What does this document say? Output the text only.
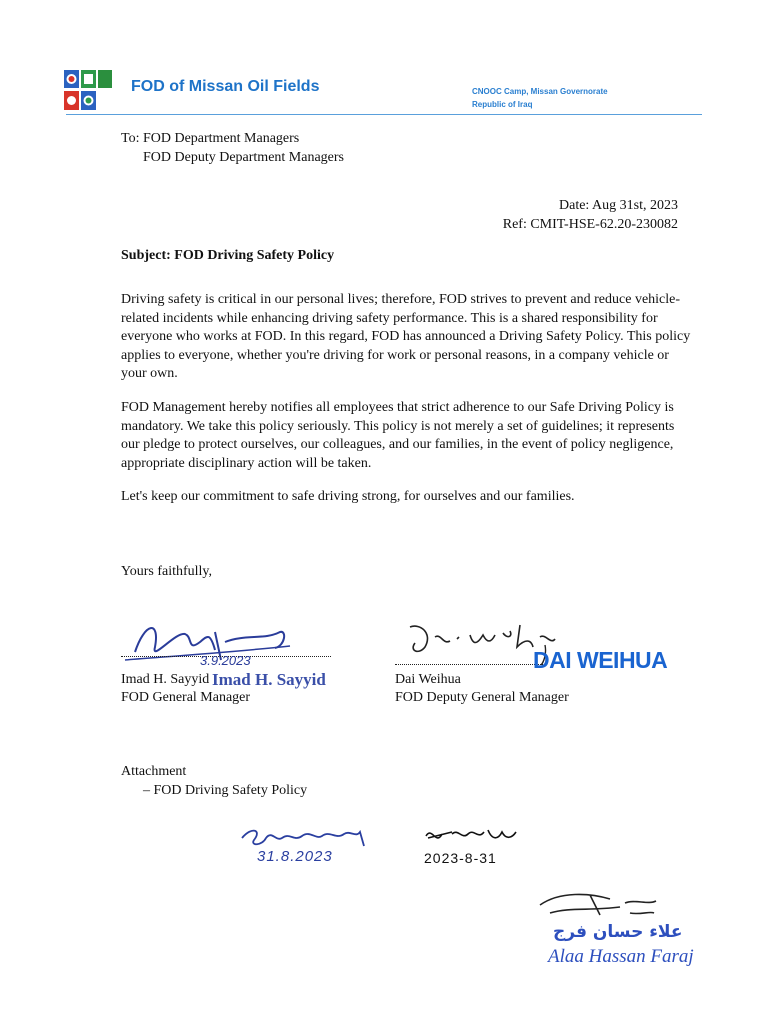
FOD of Missan Oil Fields	CNOOC Camp, Missan Governorate
Republic of Iraq
To: FOD Department Managers
FOD Deputy Department Managers
Date: Aug 31st, 2023
Ref: CMIT-HSE-62.20-230082
Subject: FOD Driving Safety Policy
Driving safety is critical in our personal lives; therefore, FOD strives to prevent and reduce vehicle-related incidents while enhancing driving safety performance. This is a shared responsibility for everyone who works at FOD. In this regard, FOD has announced a Driving Safety Policy. This policy applies to everyone, whether you're driving for work or personal reasons, in a company vehicle or your own.
FOD Management hereby notifies all employees that strict adherence to our Safe Driving Policy is mandatory. We take this policy seriously. This policy is not merely a set of guidelines; it represents our pledge to protect ourselves, our colleagues, and our families, in the event of policy negligence, appropriate disciplinary action will be taken.
Let's keep our commitment to safe driving strong, for ourselves and our families.
Yours faithfully,
3.9.2023
Imad H. Sayyid
Imad H. Sayyid
FOD General Manager
DAI WEIHUA
Dai Weihua
FOD Deputy General Manager
Attachment
– FOD Driving Safety Policy
31.8.2023	2023-8-31
علاء حسان فرج
Alaa Hassan Faraj
